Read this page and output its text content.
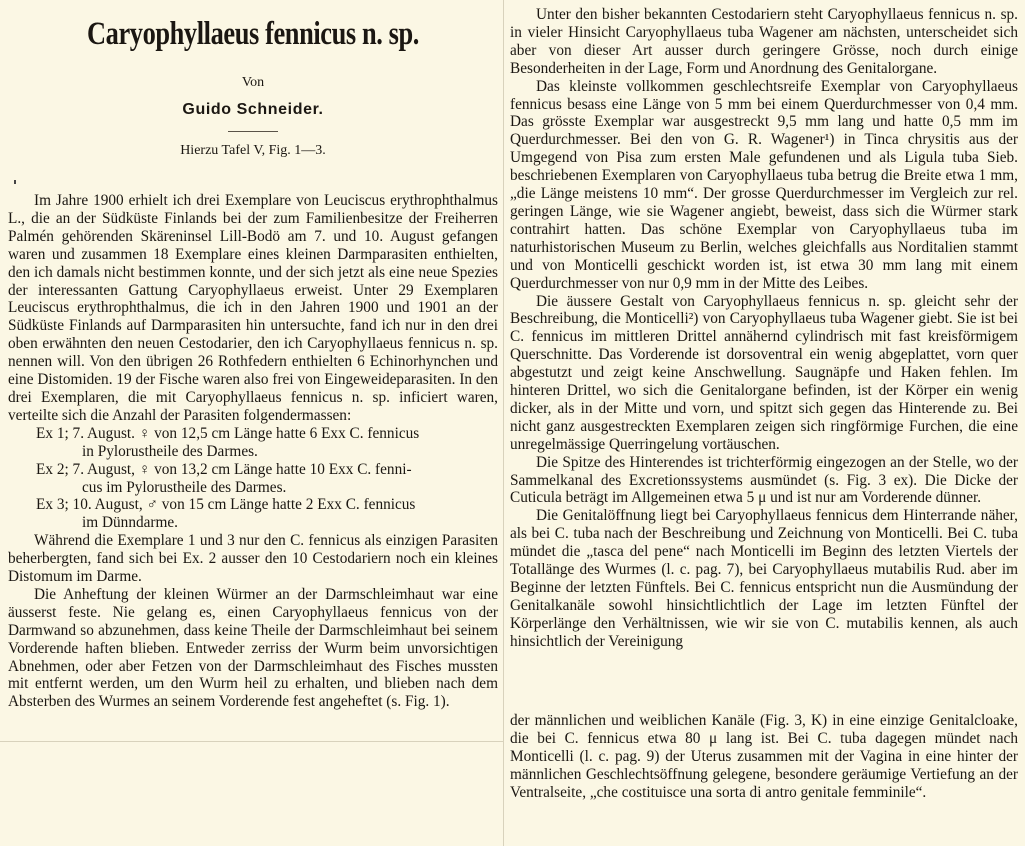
Caryophyllaeus fennicus n. sp.
Von
Guido Schneider.
Hierzu Tafel V, Fig. 1—3.

Im Jahre 1900 erhielt ich drei Exemplare von Leuciscus erythrophthalmus L., die an der Südküste Finlands bei der zum Familienbesitze der Freiherren Palmén gehörenden Skäreninsel Lill-Bodö am 7. und 10. August gefangen waren und zusammen 18 Exemplare eines kleinen Darmparasiten enthielten, den ich damals nicht bestimmen konnte, und der sich jetzt als eine neue Spezies der interessanten Gattung Caryophyllaeus erweist. Unter 29 Exemplaren Leuciscus erythrophthalmus, die ich in den Jahren 1900 und 1901 an der Südküste Finlands auf Darmparasiten hin untersuchte, fand ich nur in den drei oben erwähnten den neuen Cestodarier, den ich Caryophyllaeus fennicus n. sp. nennen will. Von den übrigen 26 Rothfedern enthielten 6 Echinorhynchen und eine Distomiden. 19 der Fische waren also frei von Eingeweideparasiten. In den drei Exemplaren, die mit Caryophyllaeus fennicus n. sp. inficiert waren, verteilte sich die Anzahl der Parasiten folgendermassen:

Ex 1; 7. August. ♀ von 12,5 cm Länge hatte 6 Exx C. fennicus
in Pylorustheile des Darmes.

Ex 2; 7. August, ♀ von 13,2 cm Länge hatte 10 Exx C. fenni-
cus im Pylorustheile des Darmes.

Ex 3; 10. August, ♂ von 15 cm Länge hatte 2 Exx C. fennicus
im Dünndarme.

Während die Exemplare 1 und 3 nur den C. fennicus als einzigen Parasiten beherbergten, fand sich bei Ex. 2 ausser den 10 Cestodariern noch ein kleines Distomum im Darme.

Die Anheftung der kleinen Würmer an der Darmschleimhaut war eine äusserst feste. Nie gelang es, einen Caryophyllaeus fennicus von der Darmwand so abzunehmen, dass keine Theile der Darmschleimhaut bei seinem Vorderende haften blieben. Entweder zerriss der Wurm beim unvorsichtigen Abnehmen, oder aber Fetzen von der Darmschleimhaut des Fisches mussten mit entfernt werden, um den Wurm heil zu erhalten, und blieben nach dem Absterben des Wurmes an seinem Vorderende fest angeheftet (s. Fig. 1).

Unter den bisher bekannten Cestodariern steht Caryophyllaeus fennicus n. sp. in vieler Hinsicht Caryophyllaeus tuba Wagener am nächsten, unterscheidet sich aber von dieser Art ausser durch geringere Grösse, noch durch einige Besonderheiten in der Lage, Form und Anordnung des Genitalorgane.

Das kleinste vollkommen geschlechtsreife Exemplar von Caryophyllaeus fennicus besass eine Länge von 5 mm bei einem Querdurchmesser von 0,4 mm. Das grösste Exemplar war ausgestreckt 9,5 mm lang und hatte 0,5 mm im Querdurchmesser. Bei den von G. R. Wagener¹) in Tinca chrysitis aus der Umgegend von Pisa zum ersten Male gefundenen und als Ligula tuba Sieb. beschriebenen Exemplaren von Caryophyllaeus tuba betrug die Breite etwa 1 mm, „die Länge meistens 10 mm“. Der grosse Querdurchmesser im Vergleich zur rel. geringen Länge, wie sie Wagener angiebt, beweist, dass sich die Würmer stark contrahirt hatten. Das schöne Exemplar von Caryophyllaeus tuba im naturhistorischen Museum zu Berlin, welches gleichfalls aus Norditalien stammt und von Monticelli geschickt worden ist, ist etwa 30 mm lang mit einem Querdurchmesser von nur 0,9 mm in der Mitte des Leibes.

Die äussere Gestalt von Caryophyllaeus fennicus n. sp. gleicht sehr der Beschreibung, die Monticelli²) von Caryophyllaeus tuba Wagener giebt. Sie ist bei C. fennicus im mittleren Drittel annähernd cylindrisch mit fast kreisförmigem Querschnitte. Das Vorderende ist dorsoventral ein wenig abgeplattet, vorn quer abgestutzt und zeigt keine Anschwellung. Saugnäpfe und Haken fehlen. Im hinteren Drittel, wo sich die Genitalorgane befinden, ist der Körper ein wenig dicker, als in der Mitte und vorn, und spitzt sich gegen das Hinterende zu. Bei nicht ganz ausgestreckten Exemplaren zeigen sich ringförmige Furchen, die eine unregelmässige Querringelung vortäuschen.

Die Spitze des Hinterendes ist trichterförmig eingezogen an der Stelle, wo der Sammelkanal des Excretionssystems ausmündet (s. Fig. 3 ex). Die Dicke der Cuticula beträgt im Allgemeinen etwa 5 μ und ist nur am Vorderende dünner.

Die Genitalöffnung liegt bei Caryophyllaeus fennicus dem Hinterrande näher, als bei C. tuba nach der Beschreibung und Zeichnung von Monticelli. Bei C. tuba mündet die „tasca del pene“ nach Monticelli im Beginn des letzten Viertels der Totallänge des Wurmes (l. c. pag. 7), bei Caryophyllaeus mutabilis Rud. aber im Beginne der letzten Fünftels. Bei C. fennicus entspricht nun die Ausmündung der Genitalkanäle sowohl hinsichtlichtlich der Lage im letzten Fünftel der Körperlänge den Verhältnissen, wie wir sie von C. mutabilis kennen, als auch hinsichtlich der Vereinigung

der männlichen und weiblichen Kanäle (Fig. 3, K) in eine einzige Genitalcloake, die bei C. fennicus etwa 80 μ lang ist. Bei C. tuba dagegen mündet nach Monticelli (l. c. pag. 9) der Uterus zusammen mit der Vagina in eine hinter der männlichen Geschlechtsöffnung gelegene, besondere geräumige Vertiefung an der Ventralseite, „che costituisce una sorta di antro genitale femminile“.
